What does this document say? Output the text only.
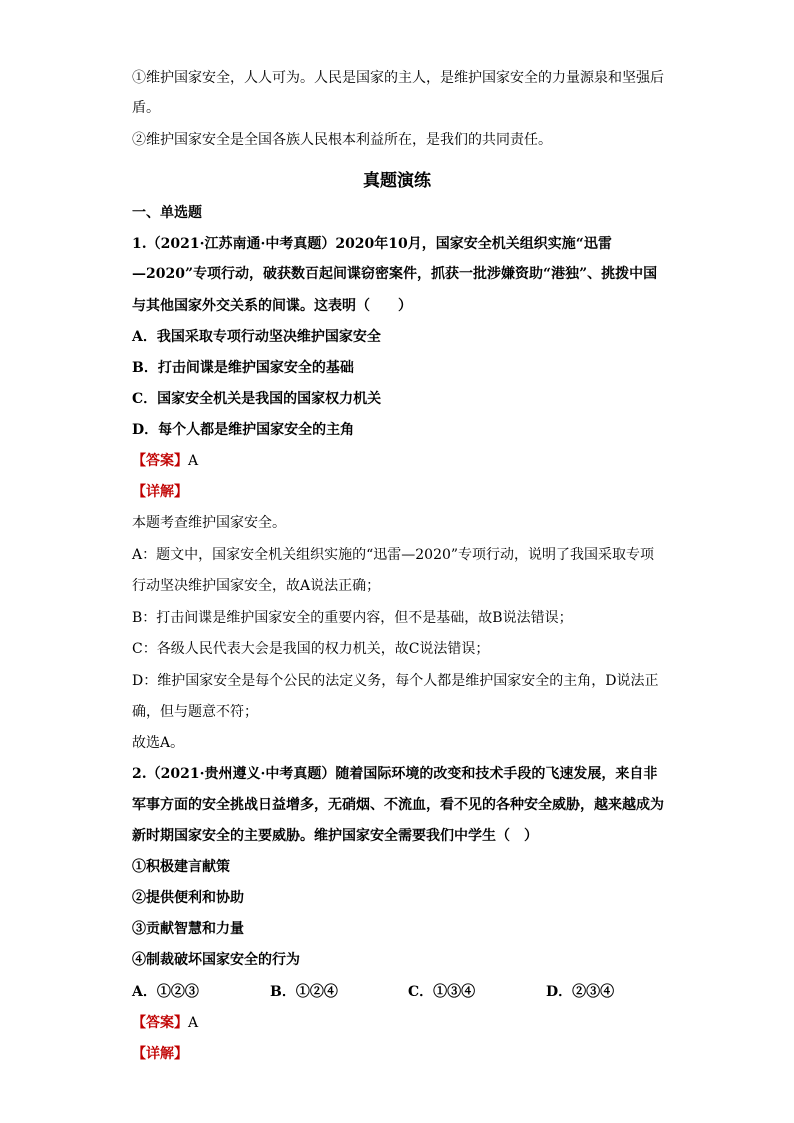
①维护国家安全，人人可为。人民是国家的主人，是维护国家安全的力量源泉和坚强后
盾。
②维护国家安全是全国各族人民根本利益所在，是我们的共同责任。
真题演练
一、单选题
1.（2021·江苏南通·中考真题）2020年10月，国家安全机关组织实施“迅雷
—2020”专项行动，破获数百起间谍窃密案件，抓获一批涉嫌资助“港独”、挑拨中国
与其他国家外交关系的间谍。这表明（　　）
A．我国采取专项行动坚决维护国家安全
B．打击间谍是维护国家安全的基础
C．国家安全机关是我国的国家权力机关
D．每个人都是维护国家安全的主角
【答案】A
【详解】
本题考查维护国家安全。
A：题文中，国家安全机关组织实施的“迅雷—2020”专项行动，说明了我国采取专项
行动坚决维护国家安全，故A说法正确；
B：打击间谍是维护国家安全的重要内容，但不是基础，故B说法错误；
C：各级人民代表大会是我国的权力机关，故C说法错误；
D：维护国家安全是每个公民的法定义务，每个人都是维护国家安全的主角，D说法正
确，但与题意不符；
故选A。
2.（2021·贵州遵义·中考真题）随着国际环境的改变和技术手段的飞速发展，来自非
军事方面的安全挑战日益增多，无硝烟、不流血，看不见的各种安全威胁，越来越成为
新时期国家安全的主要威胁。维护国家安全需要我们中学生（　）
①积极建言献策
②提供便利和协助
③贡献智慧和力量
④制裁破坏国家安全的行为
A．①②③	B．①②④	C．①③④	D．②③④
【答案】A
【详解】
